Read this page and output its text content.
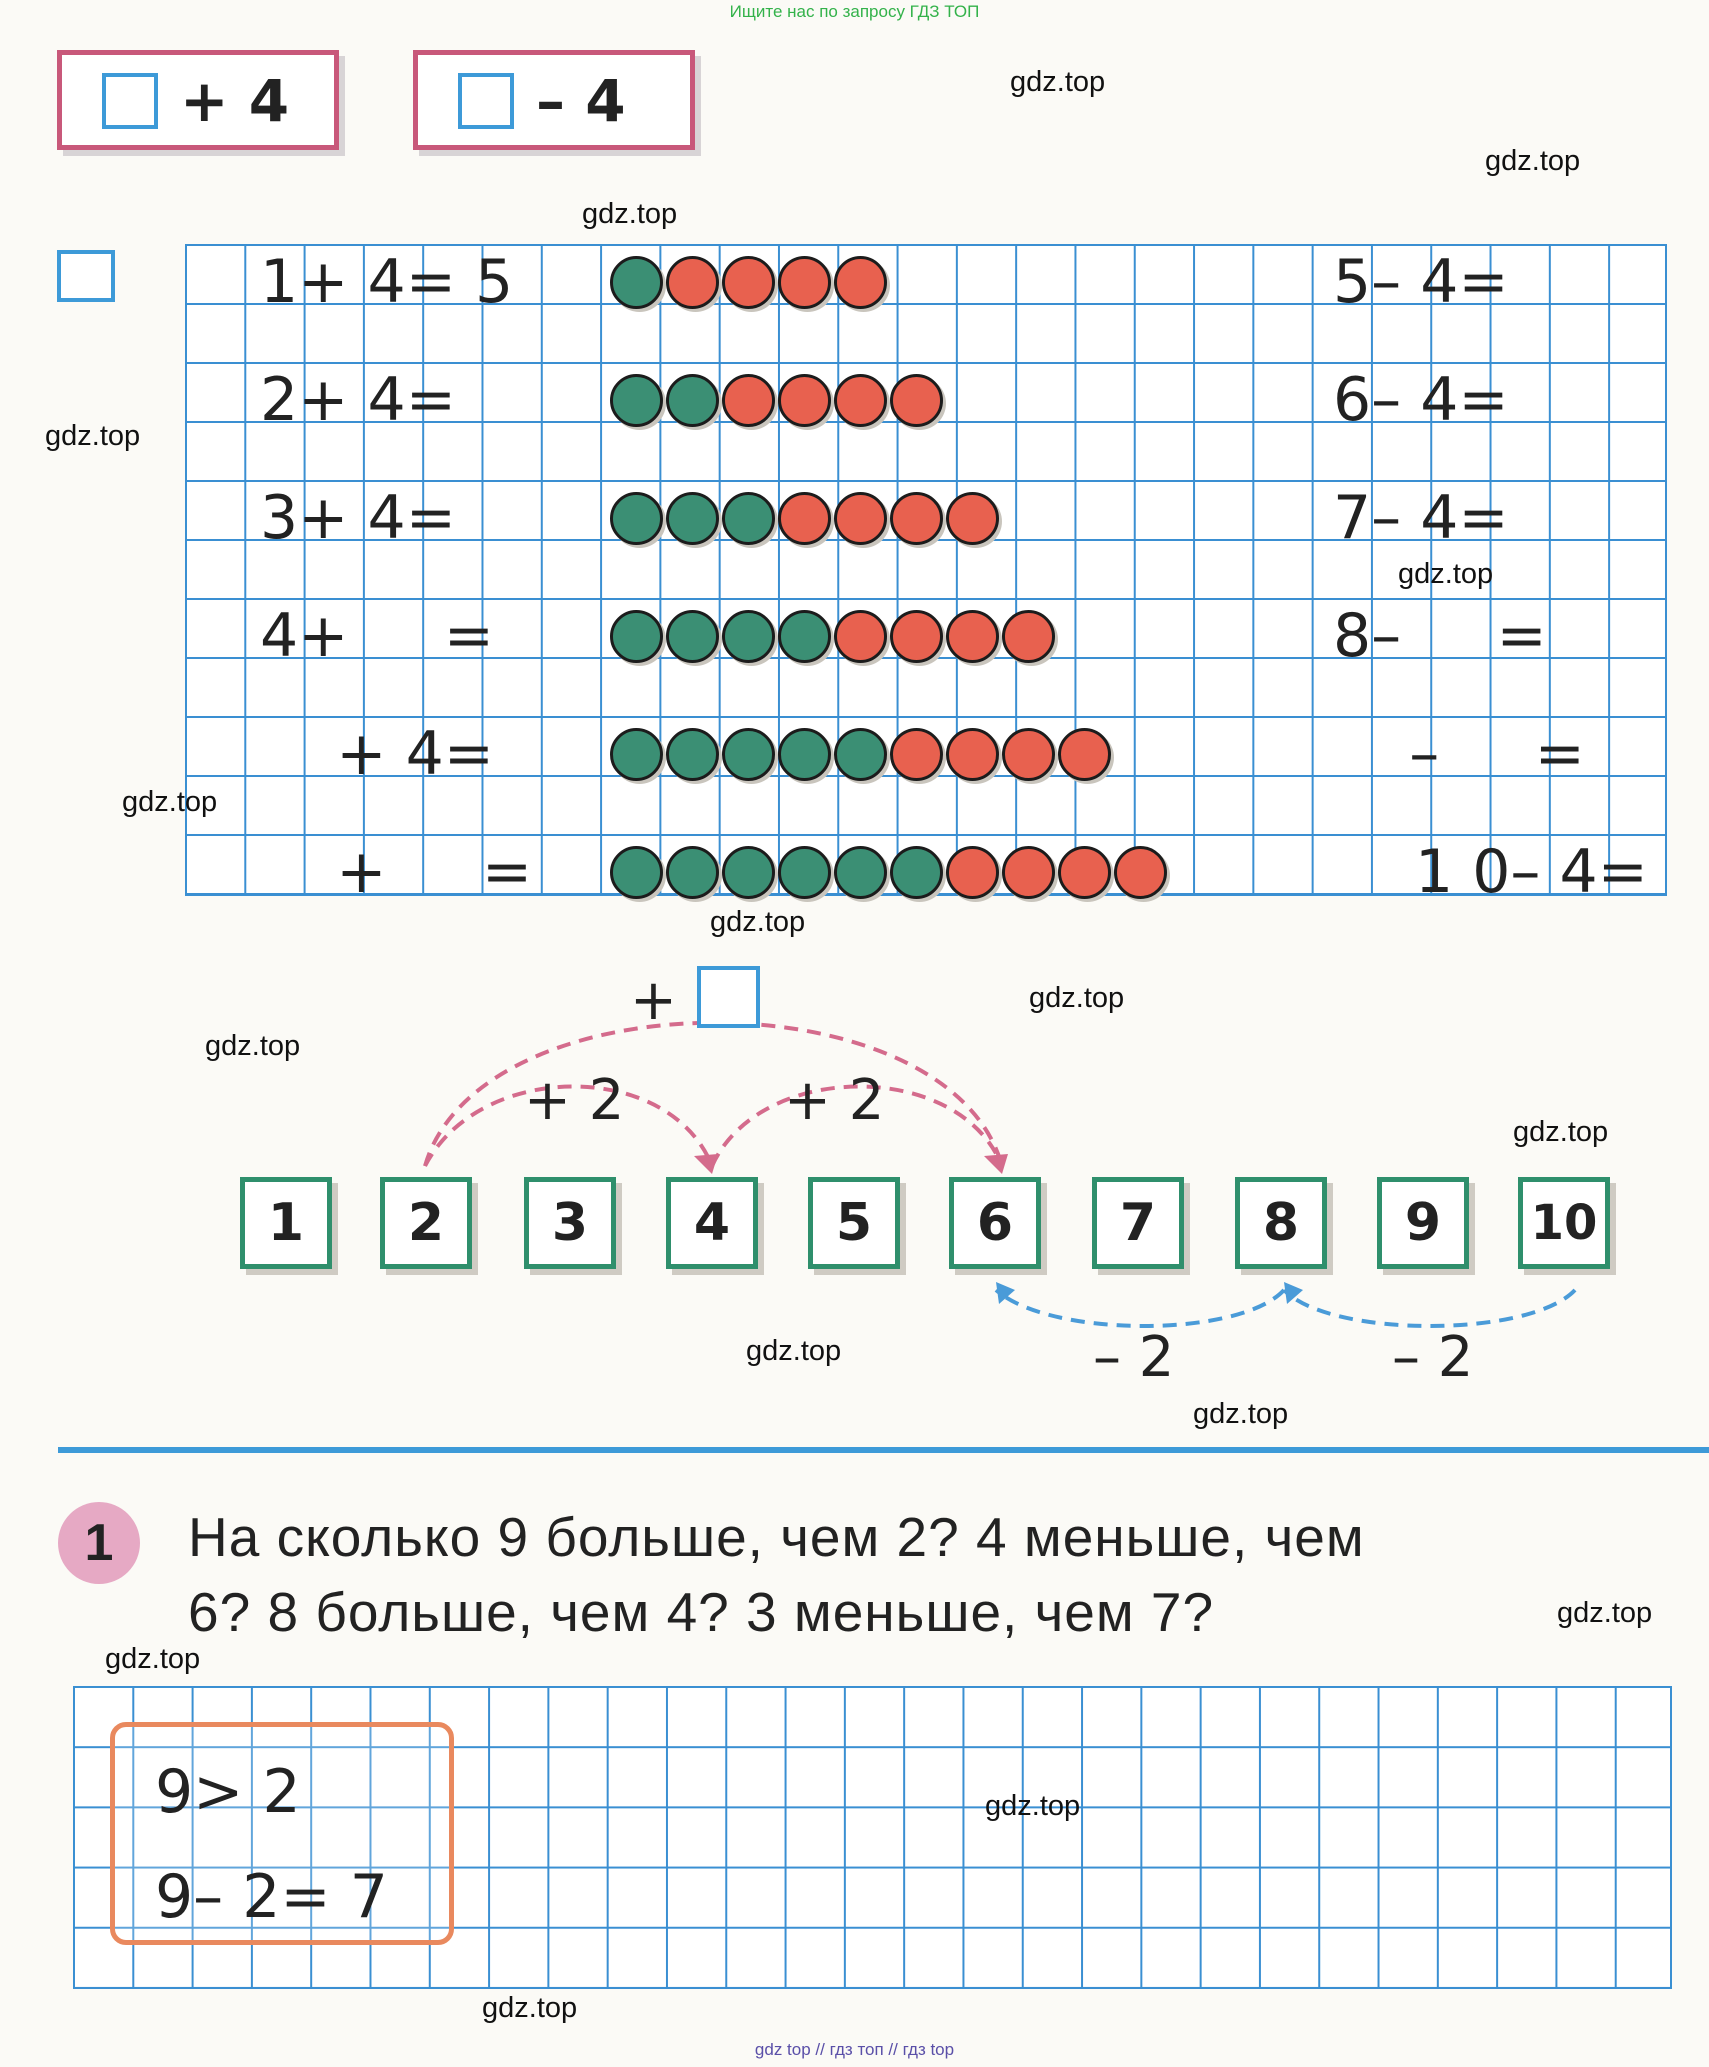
Ищите нас по запросу ГДЗ ТОП
+ 4	– 4
1+ 4= 5	5– 4=
2+ 4=	6– 4=
3+ 4=	7– 4=
4+     =	8–     =
+ 4=	–     =
+     =	1 0– 4=
+
+ 2	+ 2
– 2	– 2
1	2	3	4	5	6	7	8	9	10
1	На сколько 9 больше, чем 2? 4 меньше, чем
6? 8 больше, чем 4? 3 меньше, чем 7?
9> 2
9– 2= 7
gdz.top
gdz.top
gdz.top
gdz.top
gdz.top
gdz.top
gdz.top
gdz.top
gdz.top
gdz.top
gdz.top
gdz.top
gdz.top
gdz.top
gdz.top
gdz.top
gdz top // гдз топ // гдз top
